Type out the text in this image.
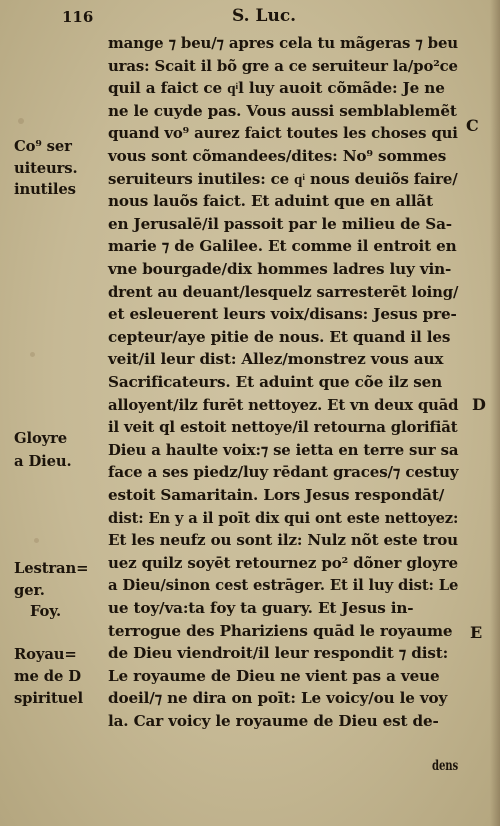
116	S. Luc.
mange ⁊ beu/⁊ apres cela tu mãgeras ⁊ beu
uras: Scait il bõ gre a ce seruiteur la/po²ce
quil a faict ce qͥl luy auoit cõmãde: Je ne
ne le cuyde pas. Vous aussi semblablemẽt
quand vo⁹ aurez faict toutes les choses qui
vous sont cõmandees/dites: Nο⁹ sommes
seruiteurs inutiles: ce qͥ nous deuiõs faire/
nous lauõs faict. Et aduint que en allãt
en Jerusalē/il passoit par le milieu de Sa-
marie ⁊ de Galilee. Et comme il entroit en
vne bourgade/dix hommes ladres luy vin-
drent au deuant/lesquelz sarresterēt loing/
et esleuerent leurs voix/disans: Jesus pre-
cepteur/aye pitie de nous. Et quand il les
veit/il leur dist: Allez/monstrez vous aux
Sacrificateurs. Et aduint que cõe ilz sen
alloyent/ilz furēt nettoyez. Et vn deux quād
il veit ql estoit nettoye/il retourna glorifiāt
Dieu a haulte voix:⁊ se ietta en terre sur sa
face a ses piedz/luy rēdant graces/⁊ cestuy
estoit Samaritain. Lors Jesus respondāt/
dist: En y a il poīt dix qui ont este nettoyez:
Et les neufz ou sont ilz: Nulz nõt este trou
uez quilz soyēt retournez po² dõner gloyre
a Dieu/sinon cest estrāger. Et il luy dist: Le
ue toy/va:ta foy ta guary. Et Jesus in-
terrogue des Phariziens quād le royaume
de Dieu viendroit/il leur respondit ⁊ dist:
Le royaume de Dieu ne vient pas a veue
doeil/⁊ ne dira on poīt: Le voicy/ou le voy
la. Car voicy le royaume de Dieu est de-
dens
Co⁹ ser
uiteurs.
inutiles
Gloyre
a Dieu.
Lestran=
ger.
Foy.
Royau=
me de D
spirituel
C
D
E
